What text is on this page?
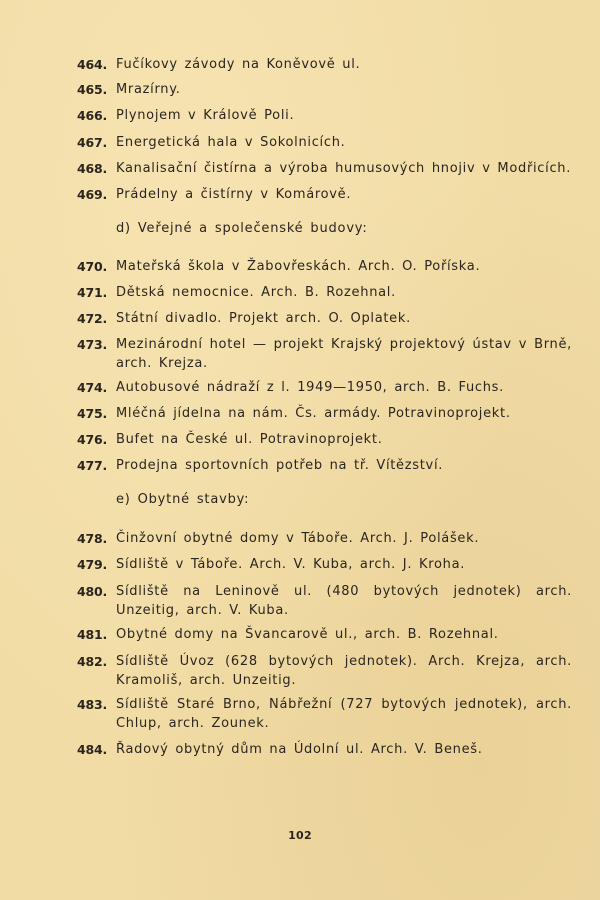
464. Fučíkovy závody na Koněvově ul.
465. Mrazírny.
466. Plynojem v Králově Poli.
467. Energetická hala v Sokolnicích.
468. Kanalisační čistírna a výroba humusových hnojiv v Modřicích.
469. Prádelny a čistírny v Komárově.
d) Veřejné a společenské budovy:
470. Mateřská škola v Žabovřeskách. Arch. O. Poříska.
471. Dětská nemocnice. Arch. B. Rozehnal.
472. Státní divadlo. Projekt arch. O. Oplatek.
473. Mezinárodní hotel — projekt Krajský projektový ústav v Brně, arch. Krejza.
474. Autobusové nádraží z l. 1949—1950, arch. B. Fuchs.
475. Mléčná jídelna na nám. Čs. armády. Potravinoprojekt.
476. Bufet na České ul. Potravinoprojekt.
477. Prodejna sportovních potřeb na tř. Vítězství.
e) Obytné stavby:
478. Činžovní obytné domy v Táboře. Arch. J. Polášek.
479. Sídliště v Táboře. Arch. V. Kuba, arch. J. Kroha.
480. Sídliště na Leninově ul. (480 bytových jednotek) arch. Unzeitig, arch. V. Kuba.
481. Obytné domy na Švancarově ul., arch. B. Rozehnal.
482. Sídliště Úvoz (628 bytových jednotek). Arch. Krejza, arch. Kramoliš, arch. Unzeitig.
483. Sídliště Staré Brno, Nábřežní (727 bytových jednotek), arch. Chlup, arch. Zounek.
484. Řadový obytný dům na Údolní ul. Arch. V. Beneš.
102
